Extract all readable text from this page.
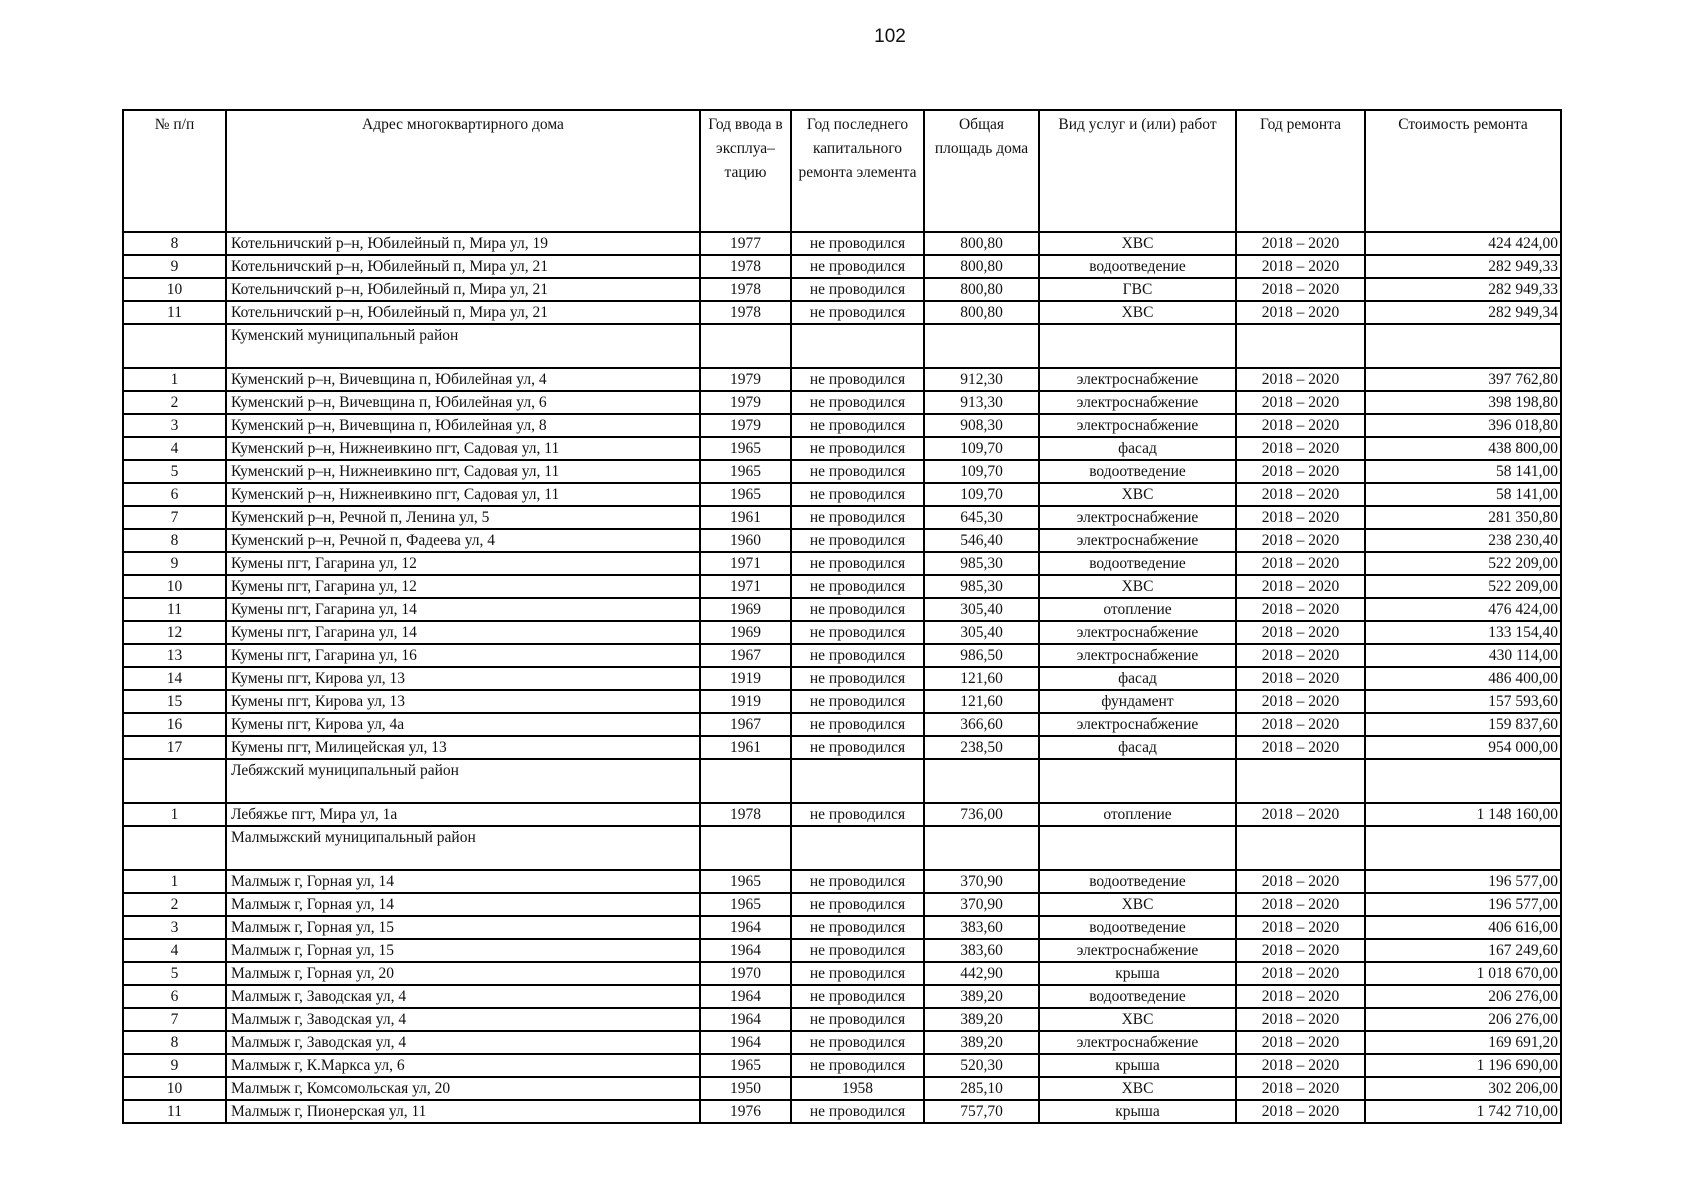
102
№ п/п	Адрес многоквартирного дома	Год ввода в эксплуа– тацию	Год последнего капитального ремонта элемента	Общая площадь дома	Вид услуг и (или) работ	Год ремонта	Стоимость ремонта
8	Котельничский р–н, Юбилейный п, Мира ул, 19	1977	не проводился	800,80	ХВС	2018 – 2020	424 424,00
9	Котельничский р–н, Юбилейный п, Мира ул, 21	1978	не проводился	800,80	водоотведение	2018 – 2020	282 949,33
10	Котельничский р–н, Юбилейный п, Мира ул, 21	1978	не проводился	800,80	ГВС	2018 – 2020	282 949,33
11	Котельничский р–н, Юбилейный п, Мира ул, 21	1978	не проводился	800,80	ХВС	2018 – 2020	282 949,34
	Куменский муниципальный район						
1	Куменский р–н, Вичевщина п, Юбилейная ул, 4	1979	не проводился	912,30	электроснабжение	2018 – 2020	397 762,80
2	Куменский р–н, Вичевщина п, Юбилейная ул, 6	1979	не проводился	913,30	электроснабжение	2018 – 2020	398 198,80
3	Куменский р–н, Вичевщина п, Юбилейная ул, 8	1979	не проводился	908,30	электроснабжение	2018 – 2020	396 018,80
4	Куменский р–н, Нижнеивкино пгт, Садовая ул, 11	1965	не проводился	109,70	фасад	2018 – 2020	438 800,00
5	Куменский р–н, Нижнеивкино пгт, Садовая ул, 11	1965	не проводился	109,70	водоотведение	2018 – 2020	58 141,00
6	Куменский р–н, Нижнеивкино пгт, Садовая ул, 11	1965	не проводился	109,70	ХВС	2018 – 2020	58 141,00
7	Куменский р–н, Речной п, Ленина ул, 5	1961	не проводился	645,30	электроснабжение	2018 – 2020	281 350,80
8	Куменский р–н, Речной п, Фадеева ул, 4	1960	не проводился	546,40	электроснабжение	2018 – 2020	238 230,40
9	Кумены пгт, Гагарина ул, 12	1971	не проводился	985,30	водоотведение	2018 – 2020	522 209,00
10	Кумены пгт, Гагарина ул, 12	1971	не проводился	985,30	ХВС	2018 – 2020	522 209,00
11	Кумены пгт, Гагарина ул, 14	1969	не проводился	305,40	отопление	2018 – 2020	476 424,00
12	Кумены пгт, Гагарина ул, 14	1969	не проводился	305,40	электроснабжение	2018 – 2020	133 154,40
13	Кумены пгт, Гагарина ул, 16	1967	не проводился	986,50	электроснабжение	2018 – 2020	430 114,00
14	Кумены пгт, Кирова ул, 13	1919	не проводился	121,60	фасад	2018 – 2020	486 400,00
15	Кумены пгт, Кирова ул, 13	1919	не проводился	121,60	фундамент	2018 – 2020	157 593,60
16	Кумены пгт, Кирова ул, 4а	1967	не проводился	366,60	электроснабжение	2018 – 2020	159 837,60
17	Кумены пгт, Милицейская ул, 13	1961	не проводился	238,50	фасад	2018 – 2020	954 000,00
	Лебяжский муниципальный район						
1	Лебяжье пгт, Мира ул, 1а	1978	не проводился	736,00	отопление	2018 – 2020	1 148 160,00
	Малмыжский муниципальный район						
1	Малмыж г, Горная ул, 14	1965	не проводился	370,90	водоотведение	2018 – 2020	196 577,00
2	Малмыж г, Горная ул, 14	1965	не проводился	370,90	ХВС	2018 – 2020	196 577,00
3	Малмыж г, Горная ул, 15	1964	не проводился	383,60	водоотведение	2018 – 2020	406 616,00
4	Малмыж г, Горная ул, 15	1964	не проводился	383,60	электроснабжение	2018 – 2020	167 249,60
5	Малмыж г, Горная ул, 20	1970	не проводился	442,90	крыша	2018 – 2020	1 018 670,00
6	Малмыж г, Заводская ул, 4	1964	не проводился	389,20	водоотведение	2018 – 2020	206 276,00
7	Малмыж г, Заводская ул, 4	1964	не проводился	389,20	ХВС	2018 – 2020	206 276,00
8	Малмыж г, Заводская ул, 4	1964	не проводился	389,20	электроснабжение	2018 – 2020	169 691,20
9	Малмыж г, К.Маркса ул, 6	1965	не проводился	520,30	крыша	2018 – 2020	1 196 690,00
10	Малмыж г, Комсомольская ул, 20	1950	1958	285,10	ХВС	2018 – 2020	302 206,00
11	Малмыж г, Пионерская ул, 11	1976	не проводился	757,70	крыша	2018 – 2020	1 742 710,00
